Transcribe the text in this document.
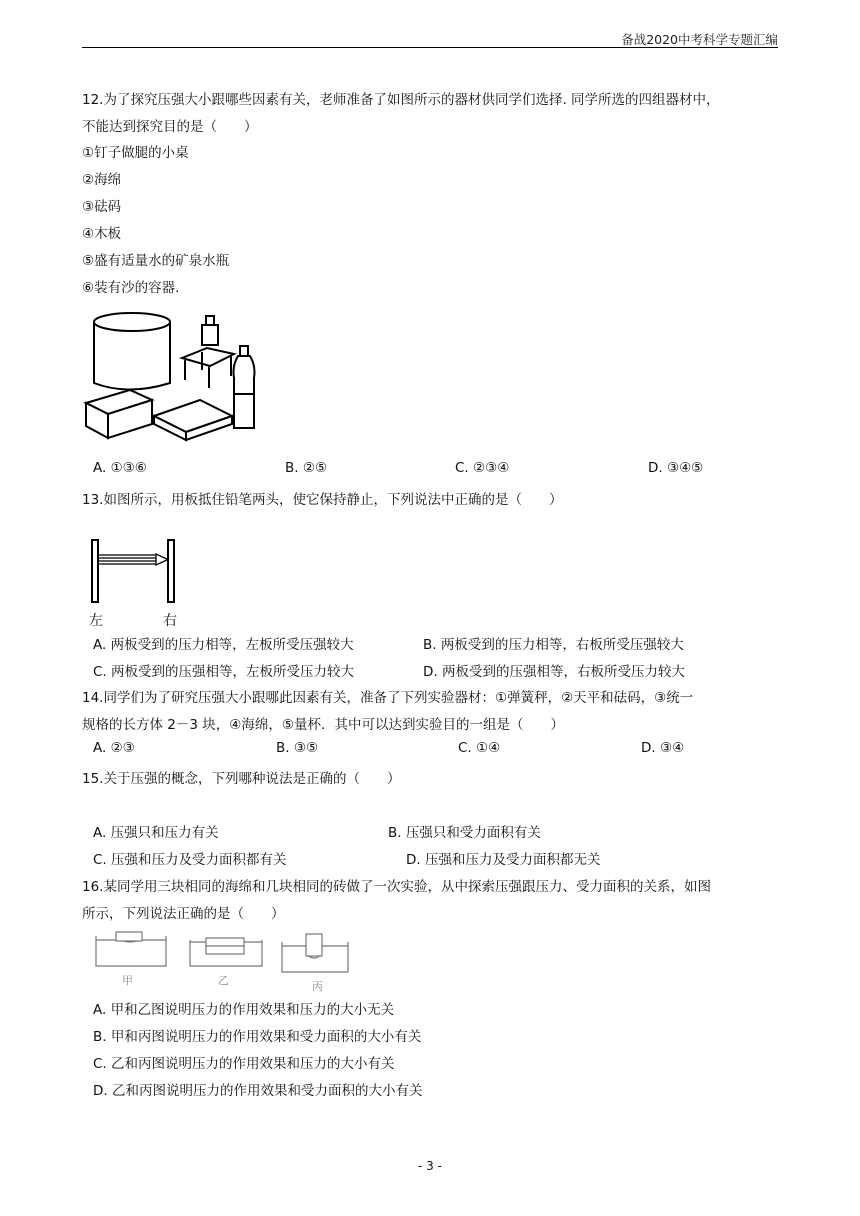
备战2020中考科学专题汇编
12.为了探究压强大小跟哪些因素有关，老师准备了如图所示的器材供同学们选择. 同学所选的四组器材中，
不能达到探究目的是（　　）
①钉子做腿的小桌
②海绵
③砝码
④木板
⑤盛有适量水的矿泉水瓶
⑥装有沙的容器.
A. ①③⑥	B. ②⑤	C. ②③④	D. ③④⑤
13.如图所示，用板抵住铅笔两头，使它保持静止，下列说法中正确的是（　　）
左	右
A. 两板受到的压力相等，左板所受压强较大	B. 两板受到的压力相等，右板所受压强较大
C. 两板受到的压强相等，左板所受压力较大	D. 两板受到的压强相等，右板所受压力较大
14.同学们为了研究压强大小跟哪此因素有关，准备了下列实验器材：①弹簧秤，②天平和砝码，③统一
规格的长方体 2－3 块，④海绵，⑤量杯．其中可以达到实验目的一组是（　　）
A. ②③	B. ③⑤	C. ①④	D. ③④
15.关于压强的概念，下列哪种说法是正确的（　　）
A. 压强只和压力有关	B. 压强只和受力面积有关
C. 压强和压力及受力面积都有关	D. 压强和压力及受力面积都无关
16.某同学用三块相同的海绵和几块相同的砖做了一次实验，从中探索压强跟压力、受力面积的关系，如图
所示，下列说法正确的是（　　）
甲	乙	丙
A. 甲和乙图说明压力的作用效果和压力的大小无关
B. 甲和丙图说明压力的作用效果和受力面积的大小有关
C. 乙和丙图说明压力的作用效果和压力的大小有关
D. 乙和丙图说明压力的作用效果和受力面积的大小有关
- 3 -
